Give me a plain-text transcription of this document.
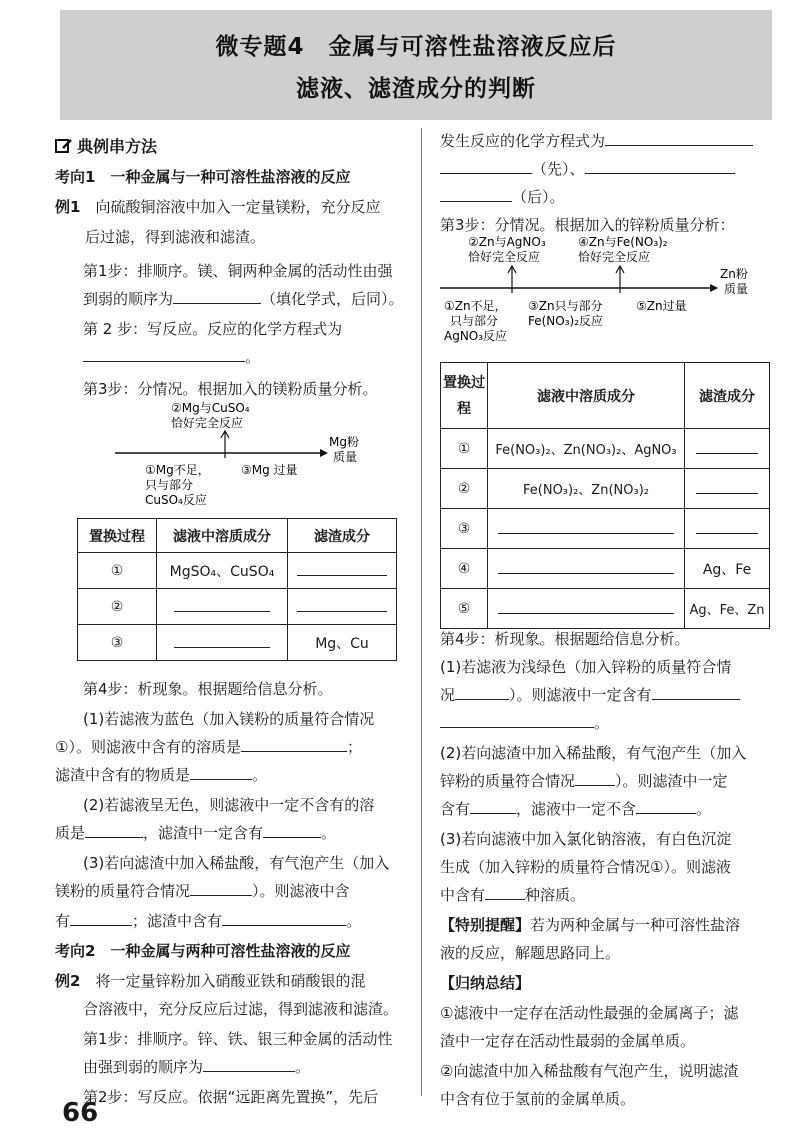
微专题4　金属与可溶性盐溶液反应后
滤液、滤渣成分的判断
典例串方法
考向1　一种金属与一种可溶性盐溶液的反应
例1　 向硫酸铜溶液中加入一定量镁粉，充分反应
后过滤，得到滤液和滤渣。
第1步：排顺序。镁、铜两种金属的活动性由强
到弱的顺序为	（填化学式，后同）。
第 2 步：写反应。反应的化学方程式为
。
第3步：分情况。根据加入的镁粉质量分析。
②Mg与CuSO₄
恰好完全反应
Mg粉
质量
①Mg不足，
只与部分
CuSO₄反应
③Mg 过量
置换过程	滤液中溶质成分	滤渣成分
①	MgSO₄、CuSO₄	
②		
③		Mg、Cu
第4步：析现象。根据题给信息分析。
(1)若滤液为蓝色（加入镁粉的质量符合情况
①）。则滤液中含有的溶质是	；
滤渣中含有的物质是	。
(2)若滤液呈无色，则滤液中一定不含有的溶
质是	，滤渣中一定含有	。
(3)若向滤渣中加入稀盐酸，有气泡产生（加入
镁粉的质量符合情况	）。则滤液中含
有	；滤渣中含有	。
考向2　一种金属与两种可溶性盐溶液的反应
例2　 将一定量锌粉加入硝酸亚铁和硝酸银的混
合溶液中，充分反应后过滤，得到滤液和滤渣。
第1步：排顺序。锌、铁、银三种金属的活动性
由强到弱的顺序为	。
第2步：写反应。依据“远距离先置换”，先后
发生反应的化学方程式为
（先）、
（后）。
第3步：分情况。根据加入的锌粉质量分析：
②Zn与AgNO₃
恰好完全反应
④Zn与Fe(NO₃)₂
恰好完全反应
Zn粉
质量
①Zn不足，
只与部分
AgNO₃反应
③Zn只与部分
Fe(NO₃)₂反应
⑤Zn过量
置换过程	滤液中溶质成分	滤渣成分
①	Fe(NO₃)₂、Zn(NO₃)₂、AgNO₃	
②	Fe(NO₃)₂、Zn(NO₃)₂	
③		
④		Ag、Fe
⑤		Ag、Fe、Zn
第4步：析现象。根据题给信息分析。
(1)若滤液为浅绿色（加入锌粉的质量符合情
况	）。则滤液中一定含有
。
(2)若向滤渣中加入稀盐酸，有气泡产生（加入
锌粉的质量符合情况	）。则滤渣中一定
含有	，滤液中一定不含	。
(3)若向滤液中加入氯化钠溶液，有白色沉淀
生成（加入锌粉的质量符合情况①）。则滤液
中含有	种溶质。
【特别提醒】若为两种金属与一种可溶性盐溶
液的反应，解题思路同上。
【归纳总结】
①滤液中一定存在活动性最强的金属离子；滤
渣中一定存在活动性最弱的金属单质。
②向滤渣中加入稀盐酸有气泡产生，说明滤渣
中含有位于氢前的金属单质。
66
